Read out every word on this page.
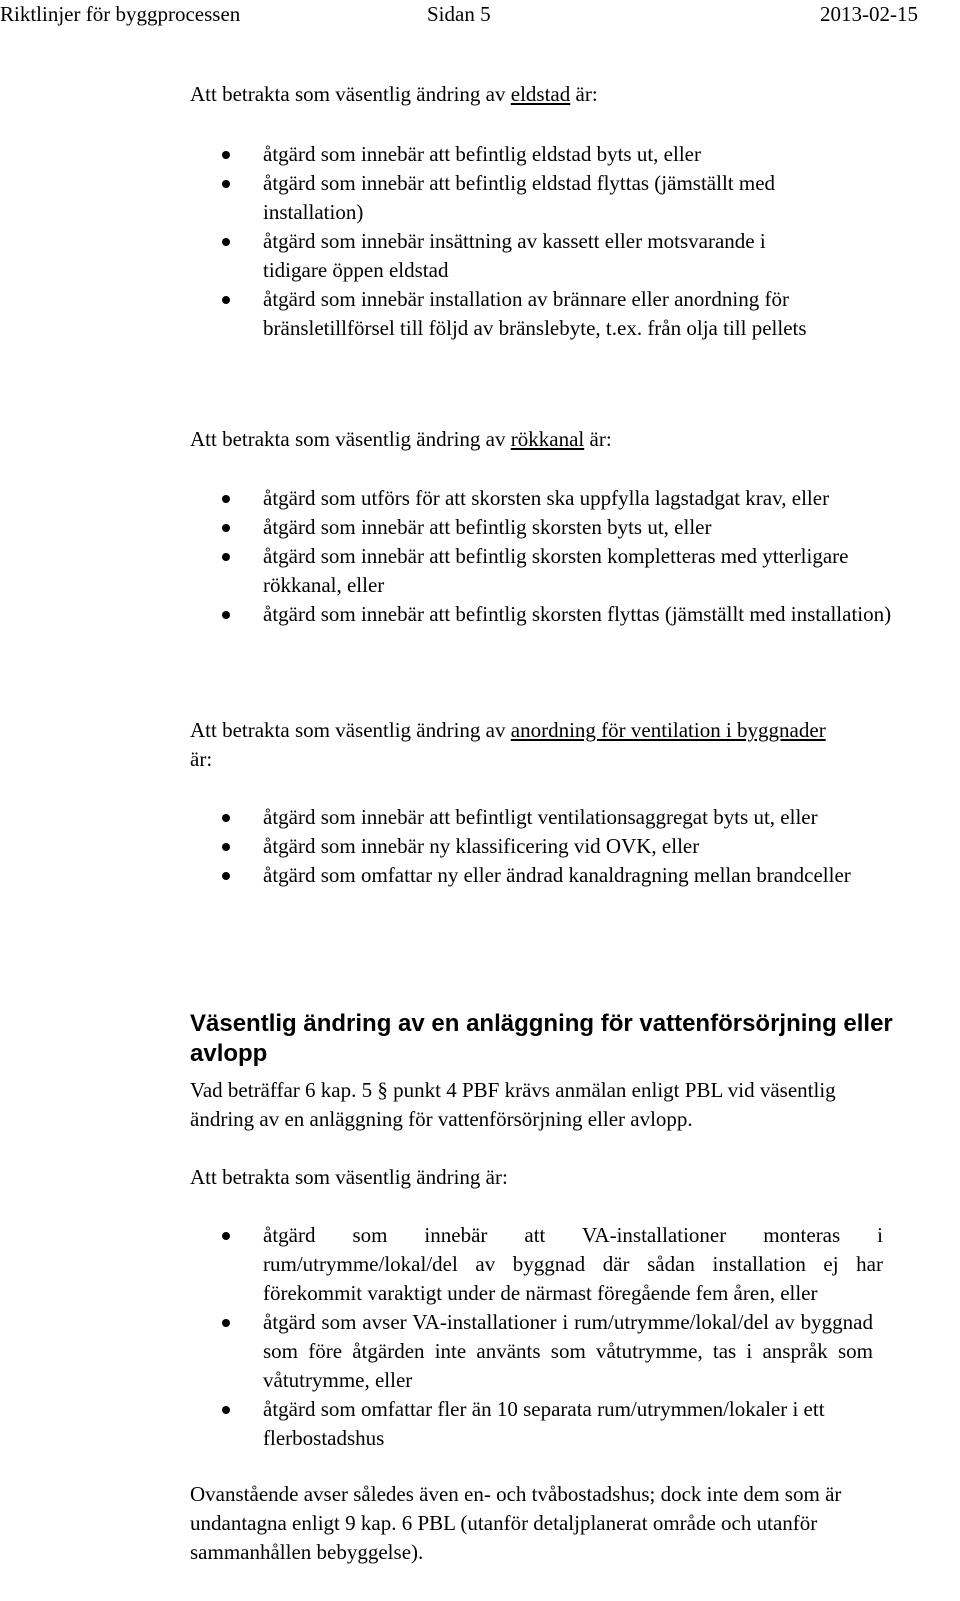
Riktlinjer för byggprocessen	Sidan 5	2013-02-15
Att betrakta som väsentlig ändring av eldstad är:
åtgärd som innebär att befintlig eldstad byts ut, eller
åtgärd som innebär att befintlig eldstad flyttas (jämställt med installation)
åtgärd som innebär insättning av kassett eller motsvarande i tidigare öppen eldstad
åtgärd som innebär installation av brännare eller anordning för bränsletillförsel till följd av bränslebyte, t.ex. från olja till pellets
Att betrakta som väsentlig ändring av rökkanal är:
åtgärd som utförs för att skorsten ska uppfylla lagstadgat krav, eller
åtgärd som innebär att befintlig skorsten byts ut, eller
åtgärd som innebär att befintlig skorsten kompletteras med ytterligare rökkanal, eller
åtgärd som innebär att befintlig skorsten flyttas (jämställt med installation)
Att betrakta som väsentlig ändring av anordning för ventilation i byggnader
är:
åtgärd som innebär att befintligt ventilationsaggregat byts ut, eller
åtgärd som innebär ny klassificering vid OVK, eller
åtgärd som omfattar ny eller ändrad kanaldragning mellan brandceller
Väsentlig ändring av en anläggning för vattenförsörjning eller avlopp
Vad beträffar 6 kap. 5 § punkt 4 PBF krävs anmälan enligt PBL vid väsentlig ändring av en anläggning för vattenförsörjning eller avlopp.
Att betrakta som väsentlig ändring är:
åtgärd som innebär att VA-installationer monteras i rum/utrymme/lokal/del av byggnad där sådan installation ej har förekommit varaktigt under de närmast föregående fem åren, eller
åtgärd som avser VA-installationer i rum/utrymme/lokal/del av byggnad som före åtgärden inte använts som våtutrymme, tas i anspråk som våtutrymme, eller
åtgärd som omfattar fler än 10 separata rum/utrymmen/lokaler i ett flerbostadshus
Ovanstående avser således även en- och tvåbostadshus; dock inte dem som är undantagna enligt 9 kap. 6 PBL (utanför detaljplanerat område och utanför sammanhållen bebyggelse).
